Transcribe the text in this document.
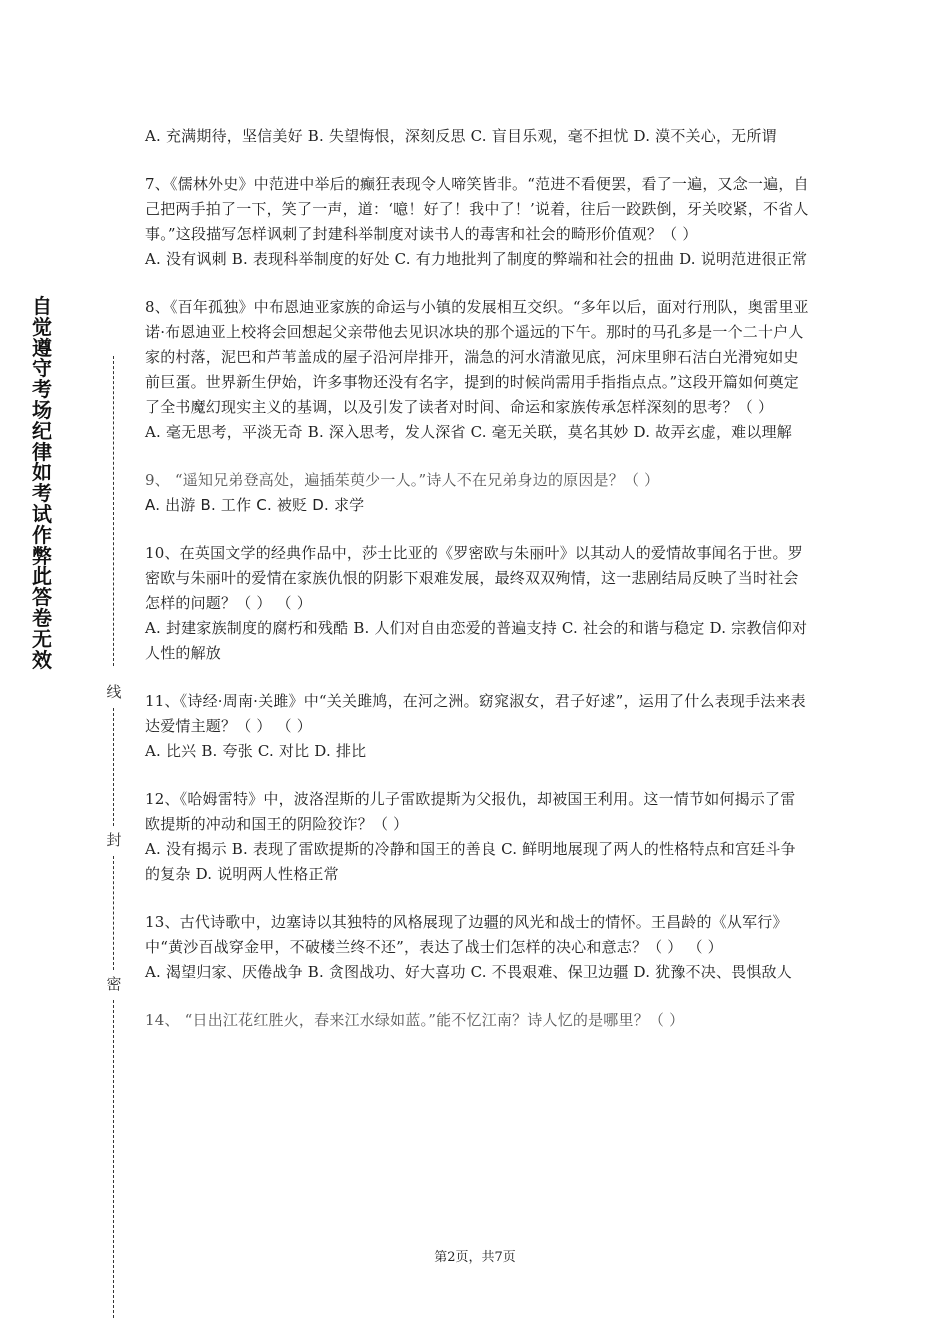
自觉遵守考场纪律如考试作弊此答卷无效
线
封
密

A. 充满期待，坚信美好 B. 失望悔恨，深刻反思 C. 盲目乐观，毫不担忧 D. 漠不关心，无所谓

7、《儒林外史》中范进中举后的癫狂表现令人啼笑皆非。“范进不看便罢，看了一遍，又念一遍，自己把两手拍了一下，笑了一声，道：‘噫！好了！我中了！’说着，往后一跤跌倒，牙关咬紧，不省人事。”这段描写怎样讽刺了封建科举制度对读书人的毒害和社会的畸形价值观？（ ）

A. 没有讽刺 B. 表现科举制度的好处 C. 有力地批判了制度的弊端和社会的扭曲 D. 说明范进很正常

8、《百年孤独》中布恩迪亚家族的命运与小镇的发展相互交织。“多年以后，面对行刑队，奥雷里亚诺·布恩迪亚上校将会回想起父亲带他去见识冰块的那个遥远的下午。那时的马孔多是一个二十户人家的村落，泥巴和芦苇盖成的屋子沿河岸排开，湍急的河水清澈见底，河床里卵石洁白光滑宛如史前巨蛋。世界新生伊始，许多事物还没有名字，提到的时候尚需用手指指点点。”这段开篇如何奠定了全书魔幻现实主义的基调，以及引发了读者对时间、命运和家族传承怎样深刻的思考？（ ）

A. 毫无思考，平淡无奇 B. 深入思考，发人深省 C. 毫无关联，莫名其妙 D. 故弄玄虚，难以理解

9、 “遥知兄弟登高处，遍插茱萸少一人。”诗人不在兄弟身边的原因是？（ ）

A. 出游 B. 工作 C. 被贬 D. 求学

10、在英国文学的经典作品中，莎士比亚的《罗密欧与朱丽叶》以其动人的爱情故事闻名于世。罗密欧与朱丽叶的爱情在家族仇恨的阴影下艰难发展，最终双双殉情，这一悲剧结局反映了当时社会怎样的问题？（ ） （ ）

A. 封建家族制度的腐朽和残酷 B. 人们对自由恋爱的普遍支持 C. 社会的和谐与稳定 D. 宗教信仰对人性的解放

11、《诗经·周南·关雎》中“关关雎鸠，在河之洲。窈窕淑女，君子好逑”，运用了什么表现手法来表达爱情主题？（ ） （ ）

A. 比兴 B. 夸张 C. 对比 D. 排比

12、《哈姆雷特》中，波洛涅斯的儿子雷欧提斯为父报仇，却被国王利用。这一情节如何揭示了雷欧提斯的冲动和国王的阴险狡诈？（ ）

A. 没有揭示 B. 表现了雷欧提斯的冷静和国王的善良 C. 鲜明地展现了两人的性格特点和宫廷斗争的复杂 D. 说明两人性格正常

13、古代诗歌中，边塞诗以其独特的风格展现了边疆的风光和战士的情怀。王昌龄的《从军行》中“黄沙百战穿金甲，不破楼兰终不还”，表达了战士们怎样的决心和意志？（ ） （ ）

A. 渴望归家、厌倦战争 B. 贪图战功、好大喜功 C. 不畏艰难、保卫边疆 D. 犹豫不决、畏惧敌人

14、 “日出江花红胜火，春来江水绿如蓝。”能不忆江南？诗人忆的是哪里？（ ）

第2页，共7页
